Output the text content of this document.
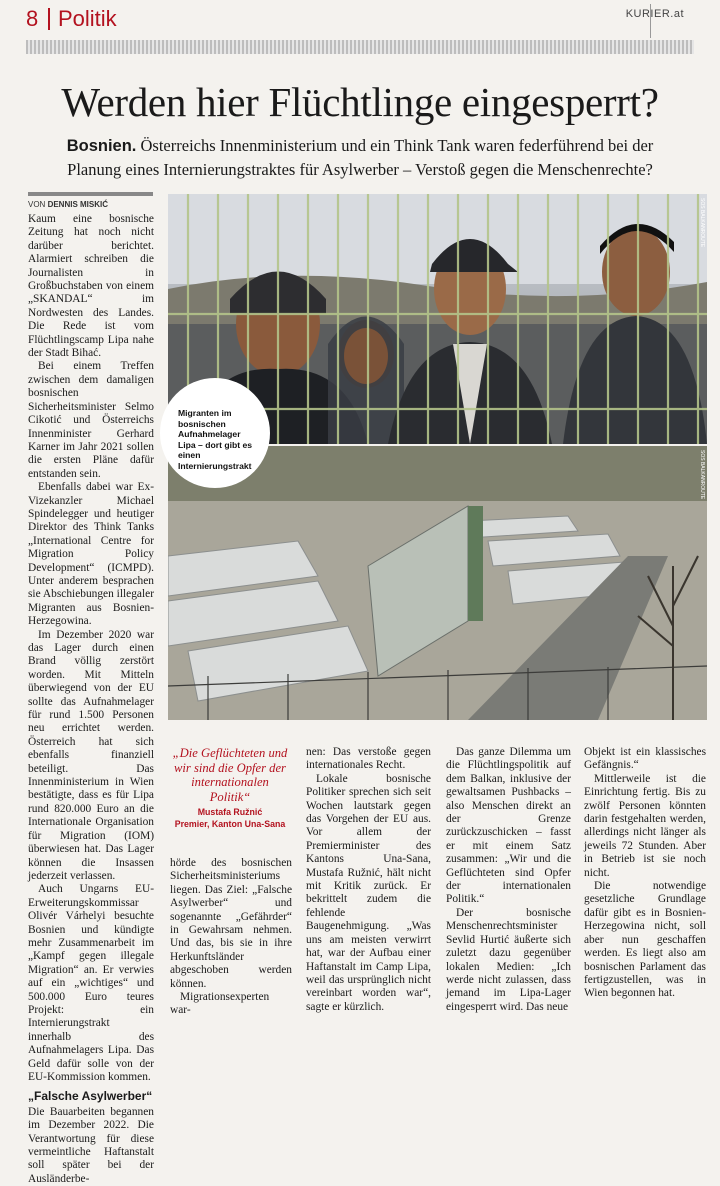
8 Politik	KURIER.at
Werden hier Flüchtlinge eingesperrt?

Bosnien. Österreichs Innenministerium und ein Think Tank waren federführend bei der Planung eines Internierungstraktes für Asylwerber – Verstoß gegen die Menschenrechte?

VON DENNIS MISKIĆ

Kaum eine bosnische Zeitung hat noch nicht darüber berichtet. Alarmiert schreiben die Journalisten in Großbuchstaben von einem „SKANDAL“ im Nordwesten des Landes. Die Rede ist vom Flüchtlingscamp Lipa nahe der Stadt Bihać.

Bei einem Treffen zwischen dem damaligen bosnischen Sicherheitsminister Selmo Cikotić und Österreichs Innenminister Gerhard Karner im Jahr 2021 sollen die ersten Pläne dafür entstanden sein.

Ebenfalls dabei war Ex-Vizekanzler Michael Spindelegger und heutiger Direktor des Think Tanks „International Centre for Migration Policy Development“ (ICMPD). Unter anderem besprachen sie Abschiebungen illegaler Migranten aus Bosnien-Herzegowina.

Im Dezember 2020 war das Lager durch einen Brand völlig zerstört worden. Mit Mitteln überwiegend von der EU sollte das Aufnahmelager für rund 1.500 Personen neu errichtet werden. Österreich hat sich ebenfalls finanziell beteiligt. Das Innenministerium in Wien bestätigte, dass es für Lipa rund 820.000 Euro an die Internationale Organisation für Migration (IOM) überwiesen hat. Das Lager können die Insassen jederzeit verlassen.

Auch Ungarns EU-Erweiterungskommissar Olivér Várhelyi besuchte Bosnien und kündigte mehr Zusammenarbeit im „Kampf gegen illegale Migration“ an. Er verwies auf ein „wichtiges“ und 500.000 Euro teures Projekt: ein Internierungstrakt innerhalb des Aufnahmelagers Lipa. Das Geld dafür solle von der EU-Kommission kommen.

„Falsche Asylwerber“

Die Bauarbeiten begannen im Dezember 2022. Die Verantwortung für diese vermeintliche Haftanstalt soll später bei der Ausländerbe-

SOS BALKANROUTE
SOS BALKANROUTE
Migranten im bosnischen Aufnahmelager Lipa – dort gibt es einen Internierungstrakt
„Die Geflüchteten und wir sind die Opfer der internationalen Politik“
Mustafa Ružnić
Premier, Kanton Una-Sana

hörde des bosnischen Sicherheitsministeriums liegen. Das Ziel: „Falsche Asylwerber“ und sogenannte „Gefährder“ in Gewahrsam nehmen. Und das, bis sie in ihre Herkunftsländer abgeschoben werden können.

Migrationsexperten war-

nen: Das verstoße gegen internationales Recht.

Lokale bosnische Politiker sprechen sich seit Wochen lautstark gegen das Vorgehen der EU aus. Vor allem der Premierminister des Kantons Una-Sana, Mustafa Ružnić, hält nicht mit Kritik zurück. Er bekrittelt zudem die fehlende Baugenehmigung. „Was uns am meisten verwirrt hat, war der Aufbau einer Haftanstalt im Camp Lipa, weil das ursprünglich nicht vereinbart worden war“, sagte er kürzlich.

Das ganze Dilemma um die Flüchtlingspolitik auf dem Balkan, inklusive der gewaltsamen Pushbacks – also Menschen direkt an der Grenze zurückzuschicken – fasst er mit einem Satz zusammen: „Wir und die Geflüchteten sind Opfer der internationalen Politik.“

Der bosnische Menschenrechtsminister Sevlid Hurtić äußerte sich zuletzt dazu gegenüber lokalen Medien: „Ich werde nicht zulassen, dass jemand im Lipa-Lager eingesperrt wird. Das neue

Objekt ist ein klassisches Gefängnis.“

Mittlerweile ist die Einrichtung fertig. Bis zu zwölf Personen könnten darin festgehalten werden, allerdings nicht länger als jeweils 72 Stunden. Aber in Betrieb ist sie noch nicht.

Die notwendige gesetzliche Grundlage dafür gibt es in Bosnien-Herzegowina nicht, soll aber nun geschaffen werden. Es liegt also am bosnischen Parlament das fertigzustellen, was in Wien begonnen hat.
